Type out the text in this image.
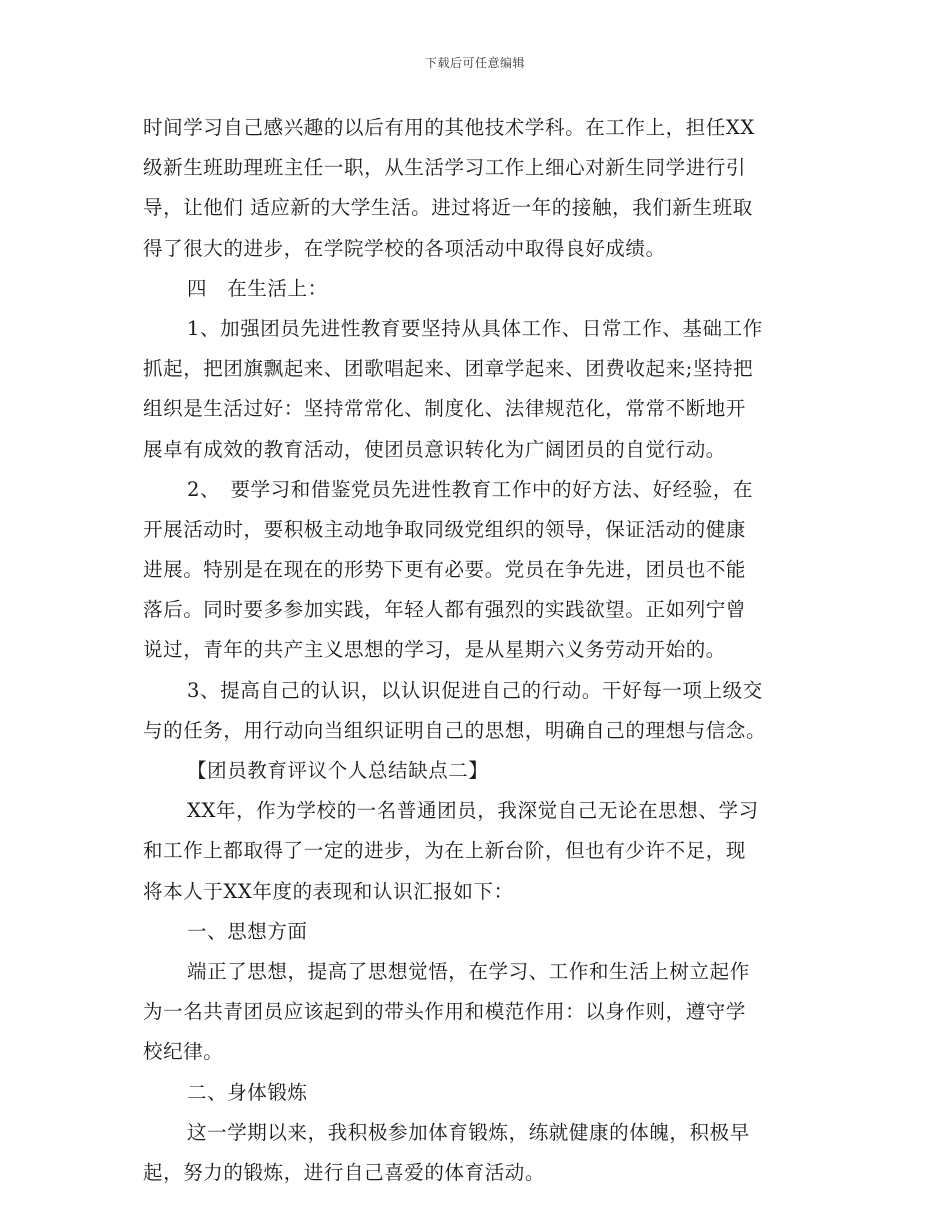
下载后可任意编辑
时间学习自己感兴趣的以后有用的其他技术学科。在工作上，担任XX
级新生班助理班主任一职，从生活学习工作上细心对新生同学进行引
导，让他们 适应新的大学生活。进过将近一年的接触，我们新生班取
得了很大的进步，在学院学校的各项活动中取得良好成绩。
四　在生活上：
1、加强团员先进性教育要坚持从具体工作、日常工作、基础工作
抓起，把团旗飘起来、团歌唱起来、团章学起来、团费收起来;坚持把
组织是生活过好：坚持常常化、制度化、法律规范化，常常不断地开
展卓有成效的教育活动，使团员意识转化为广阔团员的自觉行动。
2、　要学习和借鉴党员先进性教育工作中的好方法、好经验，在
开展活动时，要积极主动地争取同级党组织的领导，保证活动的健康
进展。特别是在现在的形势下更有必要。党员在争先进，团员也不能
落后。同时要多参加实践，年轻人都有强烈的实践欲望。正如列宁曾
说过，青年的共产主义思想的学习，是从星期六义务劳动开始的。
3、提高自己的认识，以认识促进自己的行动。干好每一项上级交
与的任务，用行动向当组织证明自己的思想，明确自己的理想与信念。
【团员教育评议个人总结缺点二】
XX年，作为学校的一名普通团员，我深觉自己无论在思想、学习
和工作上都取得了一定的进步，为在上新台阶，但也有少许不足，现
将本人于XX年度的表现和认识汇报如下：
一、思想方面
端正了思想，提高了思想觉悟，在学习、工作和生活上树立起作
为一名共青团员应该起到的带头作用和模范作用：以身作则，遵守学
校纪律。
二、身体锻炼
这一学期以来，我积极参加体育锻炼，练就健康的体魄，积极早
起，努力的锻炼，进行自己喜爱的体育活动。
